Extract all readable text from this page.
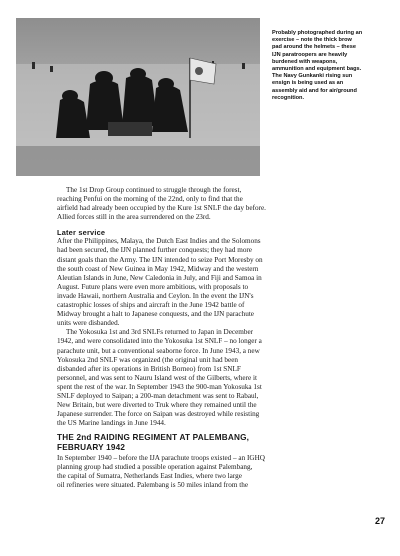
Probably photographed during an
exercise – note the thick brow
pad around the helmets – these
IJN paratroopers are heavily
burdened with weapons,
ammunition and equipment bags.
The Navy Gunkanki rising sun
ensign is being used as an
assembly aid and for air/ground
recognition.

The 1st Drop Group continued to struggle through the forest,
reaching Penfui on the morning of the 22nd, only to find that the
airfield had already been occupied by the Kure 1st SNLF the day before.
Allied forces still in the area surrendered on the 23rd.

Later service

After the Philippines, Malaya, the Dutch East Indies and the Solomons
had been secured, the IJN planned further conquests; they had more
distant goals than the Army. The IJN intended to seize Port Moresby on
the south coast of New Guinea in May 1942, Midway and the western
Aleutian Islands in June, New Caledonia in July, and Fiji and Samoa in
August. Future plans were even more ambitious, with proposals to
invade Hawaii, northern Australia and Ceylon. In the event the IJN's
catastrophic losses of ships and aircraft in the June 1942 battle of
Midway brought a halt to Japanese conquests, and the IJN parachute
units were disbanded.

The Yokosuka 1st and 3rd SNLFs returned to Japan in December
1942, and were consolidated into the Yokosuka 1st SNLF – no longer a
parachute unit, but a conventional seaborne force. In June 1943, a new
Yokosuka 2nd SNLF was organized (the original unit had been
disbanded after its operations in British Borneo) from 1st SNLF
personnel, and was sent to Nauru Island west of the Gilberts, where it
spent the rest of the war. In September 1943 the 900-man Yokosuka 1st
SNLF deployed to Saipan; a 200-man detachment was sent to Rabaul,
New Britain, but were diverted to Truk where they remained until the
Japanese surrender. The force on Saipan was destroyed while resisting
the US Marine landings in June 1944.

THE 2nd RAIDING REGIMENT AT PALEMBANG,
FEBRUARY 1942

In September 1940 – before the IJA parachute troops existed – an IGHQ
planning group had studied a possible operation against Palembang,
the capital of Sumatra, Netherlands East Indies, where two large
oil refineries were situated. Palembang is 50 miles inland from the

27
